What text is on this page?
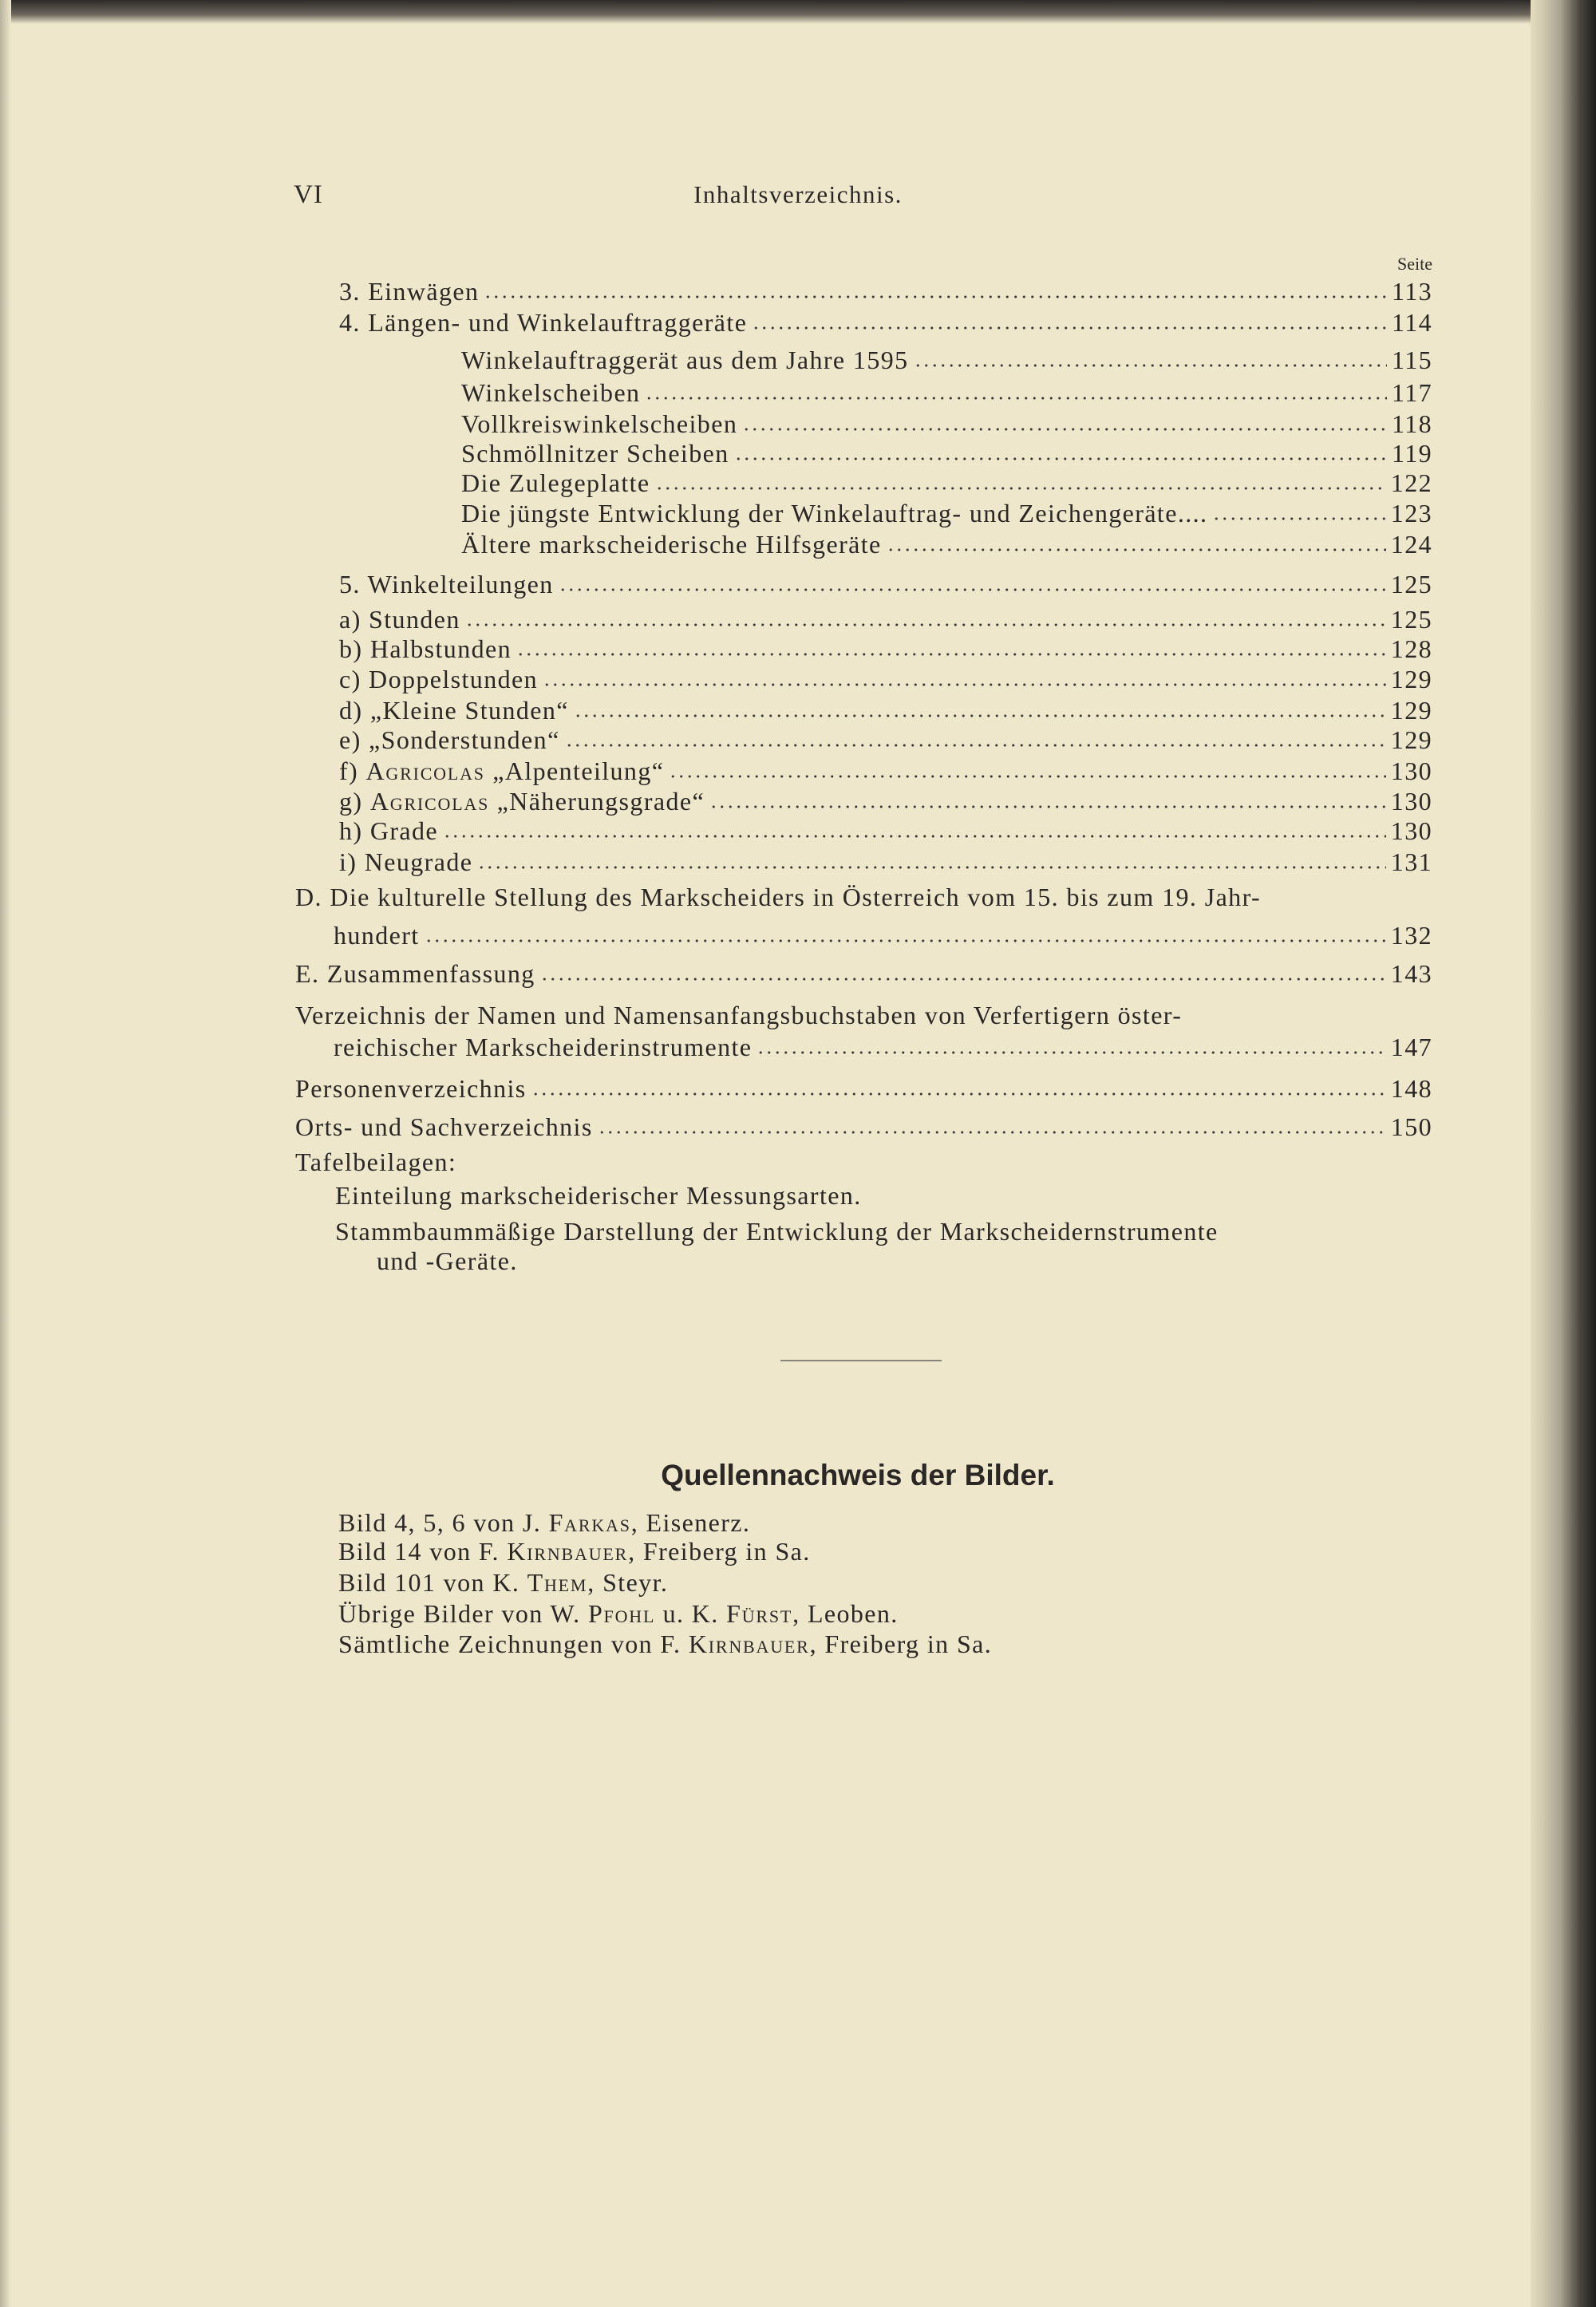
VI	Inhaltsverzeichnis.
Seite
3. Einwägen	113
4. Längen- und Winkelauftraggeräte	114
Winkelauftraggerät aus dem Jahre 1595	115
Winkelscheiben	117
Vollkreiswinkelscheiben	118
Schmöllnitzer Scheiben	119
Die Zulegeplatte	122
Die jüngste Entwicklung der Winkelauftrag- und Zeichengeräte....	123
Ältere markscheiderische Hilfsgeräte	124
5. Winkelteilungen	125
a) Stunden	125
b) Halbstunden	128
c) Doppelstunden	129
d) „Kleine Stunden“	129
e) „Sonderstunden“	129
f) Agricolas „Alpenteilung“	130
g) Agricolas „Näherungsgrade“	130
h) Grade	130
i) Neugrade	131
D. Die kulturelle Stellung des Markscheiders in Österreich vom 15. bis zum 19. Jahr-
hundert	132
E. Zusammenfassung	143
Verzeichnis der Namen und Namensanfangsbuchstaben von Verfertigern öster-
reichischer Markscheiderinstrumente	147
Personenverzeichnis	148
Orts- und Sachverzeichnis	150
Tafelbeilagen:
Einteilung markscheiderischer Messungsarten.
Stammbaummäßige Darstellung der Entwicklung der Markscheidernstrumente
und -Geräte.
Quellennachweis der Bilder.
Bild 4, 5, 6 von J. Farkas, Eisenerz.
Bild 14 von F. Kirnbauer, Freiberg in Sa.
Bild 101 von K. Them, Steyr.
Übrige Bilder von W. Pfohl u. K. Fürst, Leoben.
Sämtliche Zeichnungen von F. Kirnbauer, Freiberg in Sa.
